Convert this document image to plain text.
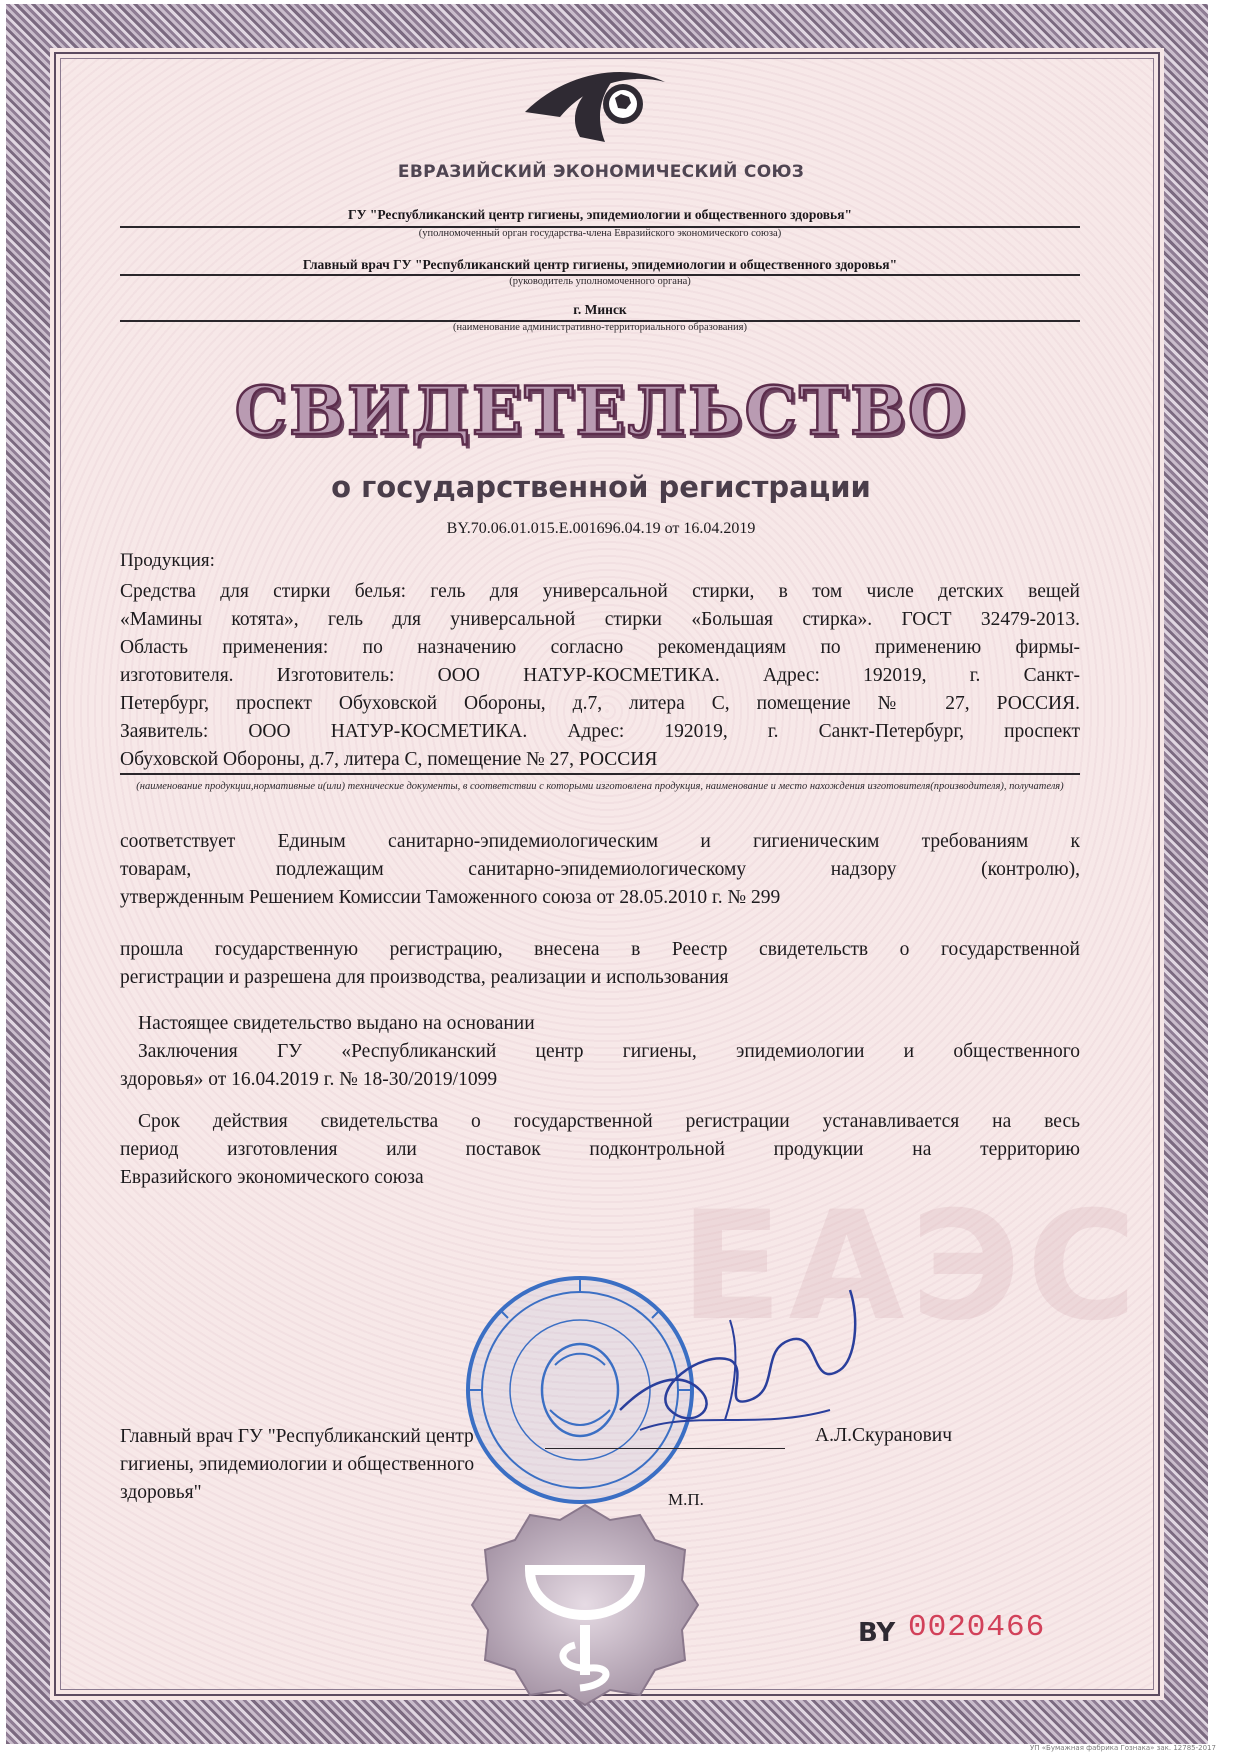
ЕВРАЗИЙСКИЙ ЭКОНОМИЧЕСКИЙ СОЮЗ
ГУ "Республиканский центр гигиены, эпидемиологии и общественного здоровья"
(уполномоченный орган государства-члена Евразийского экономического союза)
Главный врач ГУ "Республиканский центр гигиены, эпидемиологии и общественного здоровья"
(руководитель уполномоченного органа)
г. Минск
(наименование административно-территориального образования)
СВИДЕТЕЛЬСТВО
о государственной регистрации
BY.70.06.01.015.E.001696.04.19 от 16.04.2019
Продукция:
Средства для стирки белья: гель для универсальной стирки, в том числе детских вещей
«Мамины котята», гель для универсальной стирки «Большая стирка». ГОСТ 32479-2013.
Область применения: по назначению согласно рекомендациям по применению фирмы-
изготовителя. Изготовитель: ООО НАТУР-КОСМЕТИКА. Адрес: 192019, г. Санкт-
Петербург, проспект Обуховской Обороны, д.7, литера С, помещение № 27, РОССИЯ.
Заявитель: ООО НАТУР-КОСМЕТИКА. Адрес: 192019, г. Санкт-Петербург, проспект
Обуховской Обороны, д.7, литера С, помещение № 27, РОССИЯ
(наименование продукции,нормативные и(или) технические документы, в соответствии с которыми изготовлена продукция, наименование и место нахождения изготовителя(производителя), получателя)
соответствует Единым санитарно-эпидемиологическим и гигиеническим требованиям к
товарам, подлежащим санитарно-эпидемиологическому надзору (контролю),
утвержденным Решением Комиссии Таможенного союза от 28.05.2010 г. № 299
прошла государственную регистрацию, внесена в Реестр свидетельств о государственной
регистрации и разрешена для производства, реализации и использования
Настоящее свидетельство выдано на основании
Заключения ГУ «Республиканский центр гигиены, эпидемиологии и общественного
здоровья» от 16.04.2019 г. № 18-30/2019/1099
Срок действия свидетельства о государственной регистрации устанавливается на весь
период изготовления или поставок подконтрольной продукции на территорию
Евразийского экономического союза
ЕАЭС
Главный врач ГУ "Республиканский центр
гигиены, эпидемиологии и общественного
здоровья"
А.Л.Скуранович
М.П.
BY 0020466
УП «Бумажная фабрика Гознака» зак. 12785-2017
